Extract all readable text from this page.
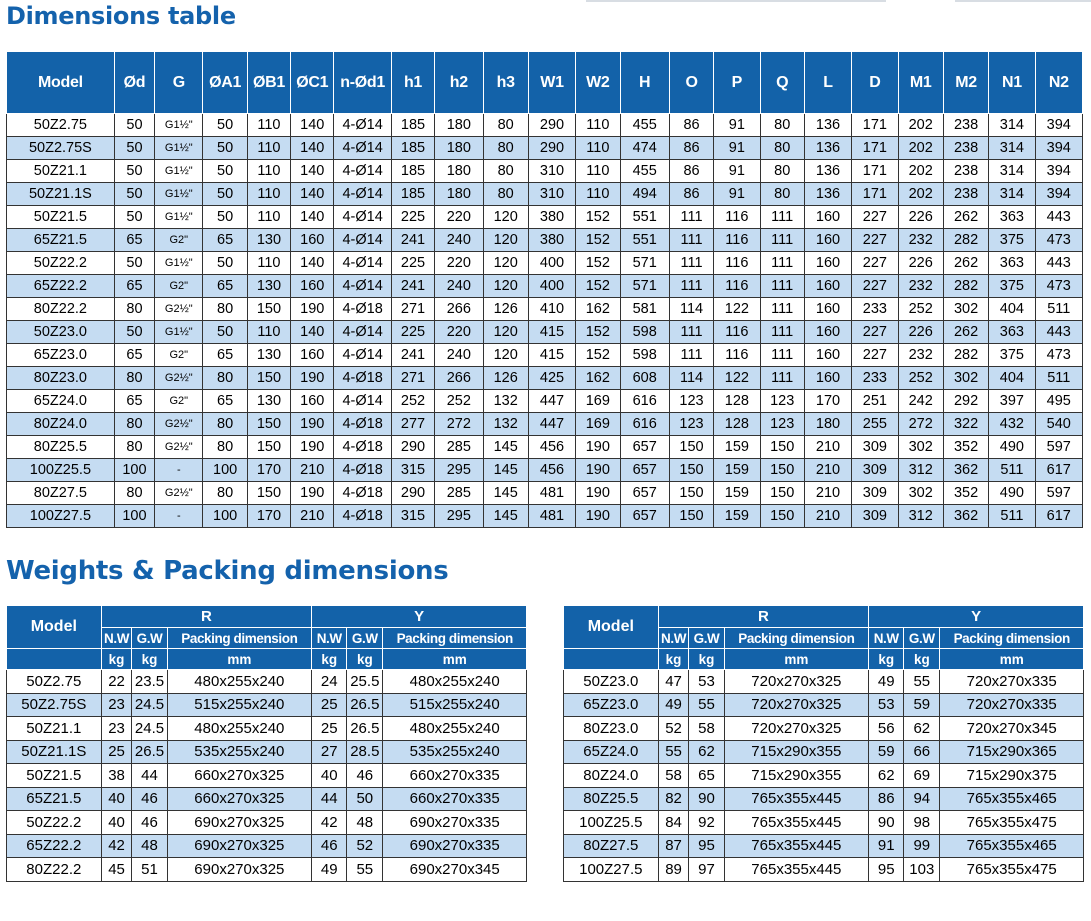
Dimensions table
Model	Ød	G	ØA1	ØB1	ØC1	n-Ød1	h1	h2	h3	W1	W2	H	O	P	Q	L	D	M1	M2	N1	N2
50Z2.75	50	G1½"	50	110	140	4-Ø14	185	180	80	290	110	455	86	91	80	136	171	202	238	314	394
50Z2.75S	50	G1½"	50	110	140	4-Ø14	185	180	80	290	110	474	86	91	80	136	171	202	238	314	394
50Z21.1	50	G1½"	50	110	140	4-Ø14	185	180	80	310	110	455	86	91	80	136	171	202	238	314	394
50Z21.1S	50	G1½"	50	110	140	4-Ø14	185	180	80	310	110	494	86	91	80	136	171	202	238	314	394
50Z21.5	50	G1½"	50	110	140	4-Ø14	225	220	120	380	152	551	111	116	111	160	227	226	262	363	443
65Z21.5	65	G2"	65	130	160	4-Ø14	241	240	120	380	152	551	111	116	111	160	227	232	282	375	473
50Z22.2	50	G1½"	50	110	140	4-Ø14	225	220	120	400	152	571	111	116	111	160	227	226	262	363	443
65Z22.2	65	G2"	65	130	160	4-Ø14	241	240	120	400	152	571	111	116	111	160	227	232	282	375	473
80Z22.2	80	G2½"	80	150	190	4-Ø18	271	266	126	410	162	581	114	122	111	160	233	252	302	404	511
50Z23.0	50	G1½"	50	110	140	4-Ø14	225	220	120	415	152	598	111	116	111	160	227	226	262	363	443
65Z23.0	65	G2"	65	130	160	4-Ø14	241	240	120	415	152	598	111	116	111	160	227	232	282	375	473
80Z23.0	80	G2½"	80	150	190	4-Ø18	271	266	126	425	162	608	114	122	111	160	233	252	302	404	511
65Z24.0	65	G2"	65	130	160	4-Ø14	252	252	132	447	169	616	123	128	123	170	251	242	292	397	495
80Z24.0	80	G2½"	80	150	190	4-Ø18	277	272	132	447	169	616	123	128	123	180	255	272	322	432	540
80Z25.5	80	G2½"	80	150	190	4-Ø18	290	285	145	456	190	657	150	159	150	210	309	302	352	490	597
100Z25.5	100	-	100	170	210	4-Ø18	315	295	145	456	190	657	150	159	150	210	309	312	362	511	617
80Z27.5	80	G2½"	80	150	190	4-Ø18	290	285	145	481	190	657	150	159	150	210	309	302	352	490	597
100Z27.5	100	-	100	170	210	4-Ø18	315	295	145	481	190	657	150	159	150	210	309	312	362	511	617
Weights & Packing dimensions
Model	R			Y		
	N.W	G.W	Packing dimension	N.W	G.W	Packing dimension
	kg	kg	mm	kg	kg	mm
50Z2.75	22	23.5	480x255x240	24	25.5	480x255x240
50Z2.75S	23	24.5	515x255x240	25	26.5	515x255x240
50Z21.1	23	24.5	480x255x240	25	26.5	480x255x240
50Z21.1S	25	26.5	535x255x240	27	28.5	535x255x240
50Z21.5	38	44	660x270x325	40	46	660x270x335
65Z21.5	40	46	660x270x325	44	50	660x270x335
50Z22.2	40	46	690x270x325	42	48	690x270x335
65Z22.2	42	48	690x270x325	46	52	690x270x335
80Z22.2	45	51	690x270x325	49	55	690x270x345
Model	R			Y		
	N.W	G.W	Packing dimension	N.W	G.W	Packing dimension
	kg	kg	mm	kg	kg	mm
50Z23.0	47	53	720x270x325	49	55	720x270x335
65Z23.0	49	55	720x270x325	53	59	720x270x335
80Z23.0	52	58	720x270x325	56	62	720x270x345
65Z24.0	55	62	715x290x355	59	66	715x290x365
80Z24.0	58	65	715x290x355	62	69	715x290x375
80Z25.5	82	90	765x355x445	86	94	765x355x465
100Z25.5	84	92	765x355x445	90	98	765x355x475
80Z27.5	87	95	765x355x445	91	99	765x355x465
100Z27.5	89	97	765x355x445	95	103	765x355x475
